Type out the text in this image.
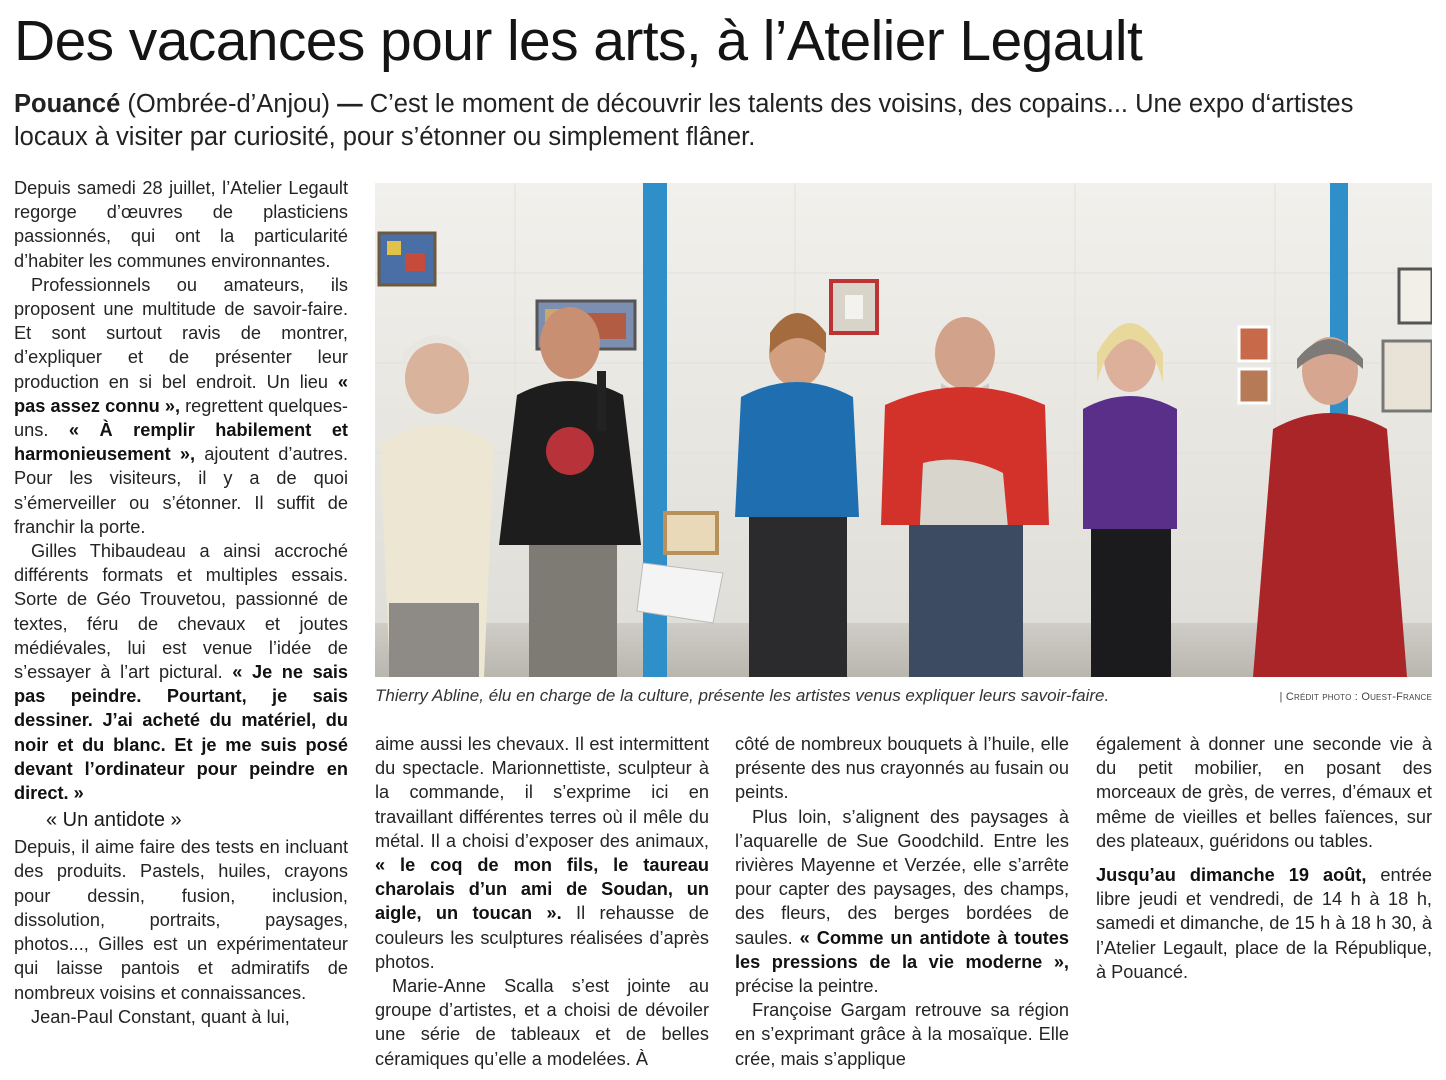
Des vacances pour les arts, à l’Atelier Legault
Pouancé (Ombrée-d’Anjou) — C’est le moment de découvrir les talents des voisins, des copains... Une expo d‘artistes locaux à visiter par curiosité, pour s’étonner ou simplement flâner.

Depuis samedi 28 juillet, l’Atelier Legault regorge d’œuvres de plasticiens passionnés, qui ont la particularité d’habiter les communes environnantes.

Professionnels ou amateurs, ils proposent une multitude de savoir-faire. Et sont surtout ravis de montrer, d’expliquer et de présenter leur production en si bel endroit. Un lieu « pas assez connu », regrettent quelques-uns. « À remplir habilement et harmonieusement », ajoutent d’autres. Pour les visiteurs, il y a de quoi s’émerveiller ou s’étonner. Il suffit de franchir la porte.

Gilles Thibaudeau a ainsi accroché différents formats et multiples essais. Sorte de Géo Trouvetou, passionné de textes, féru de chevaux et joutes médiévales, lui est venue l’idée de s’essayer à l’art pictural. « Je ne sais pas peindre. Pourtant, je sais dessiner. J’ai acheté du matériel, du noir et du blanc. Et je me suis posé devant l’ordinateur pour peindre en direct. »

« Un antidote »

Depuis, il aime faire des tests en incluant des produits. Pastels, huiles, crayons pour dessin, fusion, inclusion, dissolution, portraits, paysages, photos..., Gilles est un expérimentateur qui laisse pantois et admiratifs de nombreux voisins et connaissances.

Jean-Paul Constant, quant à lui,

Thierry Abline, élu en charge de la culture, présente les artistes venus expliquer leurs savoir-faire.	| Crédit photo : Ouest-France

aime aussi les chevaux. Il est intermittent du spectacle. Marionnettiste, sculpteur à la commande, il s’exprime ici en travaillant différentes terres où il mêle du métal. Il a choisi d’exposer des animaux, « le coq de mon fils, le taureau charolais d’un ami de Soudan, un aigle, un toucan ». Il rehausse de couleurs les sculptures réalisées d’après photos.

Marie-Anne Scalla s’est jointe au groupe d’artistes, et a choisi de dévoiler une série de tableaux et de belles céramiques qu’elle a modelées. À

côté de nombreux bouquets à l’huile, elle présente des nus crayonnés au fusain ou peints.

Plus loin, s’alignent des paysages à l’aquarelle de Sue Goodchild. Entre les rivières Mayenne et Verzée, elle s’arrête pour capter des paysages, des champs, des fleurs, des berges bordées de saules. « Comme un antidote à toutes les pressions de la vie moderne », précise la peintre.

Françoise Gargam retrouve sa région en s’exprimant grâce à la mosaïque. Elle crée, mais s’applique

également à donner une seconde vie à du petit mobilier, en posant des morceaux de grès, de verres, d’émaux et même de vieilles et belles faïences, sur des plateaux, guéridons ou tables.

Jusqu’au dimanche 19 août, entrée libre jeudi et vendredi, de 14 h à 18 h, samedi et dimanche, de 15 h à 18 h 30, à l’Atelier Legault, place de la République, à Pouancé.
